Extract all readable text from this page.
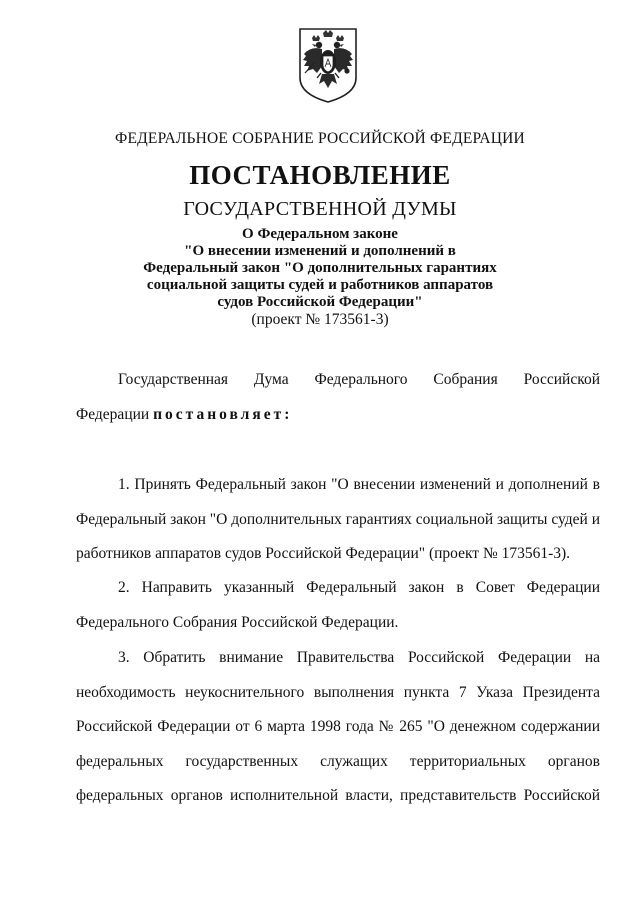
ФЕДЕРАЛЬНОЕ СОБРАНИЕ РОССИЙСКОЙ ФЕДЕРАЦИИ
ПОСТАНОВЛЕНИЕ
ГОСУДАРСТВЕННОЙ ДУМЫ
О Федеральном законе
"О внесении изменений и дополнений в
Федеральный закон "О дополнительных гарантиях
социальной защиты судей и работников аппаратов
судов Российской Федерации"
(проект № 173561-3)
Государственная Дума Федерального Собрания Российской
Федерации постановляет:
1. Принять Федеральный закон "О внесении изменений и дополнений в
Федеральный закон "О дополнительных гарантиях социальной защиты судей и
работников аппаратов судов Российской Федерации" (проект № 173561-3).
2. Направить указанный Федеральный закон в Совет Федерации
Федерального Собрания Российской Федерации.
3. Обратить внимание Правительства Российской Федерации на
необходимость неукоснительного выполнения пункта 7 Указа Президента
Российской Федерации от 6 марта 1998 года № 265 "О денежном содержании
федеральных государственных служащих территориальных органов
федеральных органов исполнительной власти, представительств Российской
